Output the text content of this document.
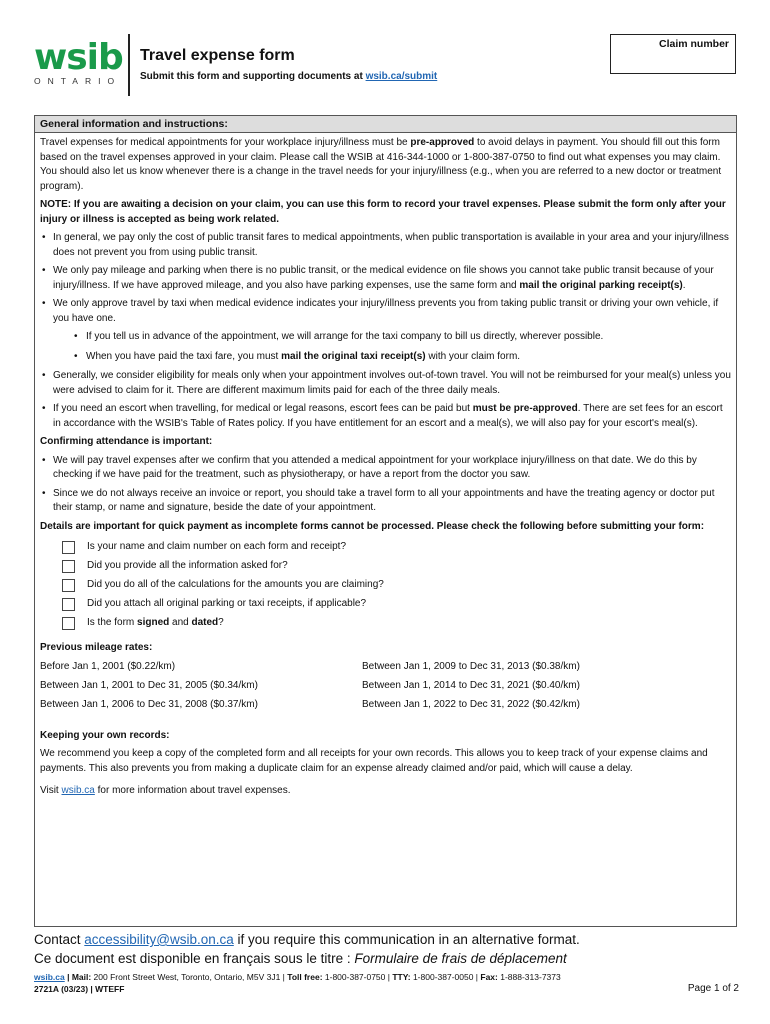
wsib
ONTARIO
Travel expense form
Submit this form and supporting documents at wsib.ca/submit
Claim number
General information and instructions:

Travel expenses for medical appointments for your workplace injury/illness must be pre-approved to avoid delays in payment. You should fill out this form based on the travel expenses approved in your claim. Please call the WSIB at 416-344-1000 or 1-800-387-0750 to find out what expenses you may claim. You should also let us know whenever there is a change in the travel needs for your injury/illness (e.g., when you are referred to a new doctor or treatment program).

NOTE: If you are awaiting a decision on your claim, you can use this form to record your travel expenses. Please submit the form only after your injury or illness is accepted as being work related.

• In general, we pay only the cost of public transit fares to medical appointments, when public transportation is available in your area and your injury/illness does not prevent you from using public transit.
• We only pay mileage and parking when there is no public transit, or the medical evidence on file shows you cannot take public transit because of your injury/illness. If we have approved mileage, and you also have parking expenses, use the same form and mail the original parking receipt(s).
• We only approve travel by taxi when medical evidence indicates your injury/illness prevents you from taking public transit or driving your own vehicle, if you have one.
• If you tell us in advance of the appointment, we will arrange for the taxi company to bill us directly, wherever possible.
• When you have paid the taxi fare, you must mail the original taxi receipt(s) with your claim form.
• Generally, we consider eligibility for meals only when your appointment involves out-of-town travel. You will not be reimbursed for your meal(s) unless you were advised to claim for it. There are different maximum limits paid for each of the three daily meals.
• If you need an escort when travelling, for medical or legal reasons, escort fees can be paid but must be pre-approved. There are set fees for an escort in accordance with the WSIB's Table of Rates policy. If you have entitlement for an escort and a meal(s), we will also pay for your escort's meal(s).

Confirming attendance is important:

• We will pay travel expenses after we confirm that you attended a medical appointment for your workplace injury/illness on that date. We do this by checking if we have paid for the treatment, such as physiotherapy, or have a report from the doctor you saw.
• Since we do not always receive an invoice or report, you should take a travel form to all your appointments and have the treating agency or doctor put their stamp, or name and signature, beside the date of your appointment.

Details are important for quick payment as incomplete forms cannot be processed. Please check the following before submitting your form:

Is your name and claim number on each form and receipt?
Did you provide all the information asked for?
Did you do all of the calculations for the amounts you are claiming?
Did you attach all original parking or taxi receipts, if applicable?
Is the form signed and dated?

Previous mileage rates:

Before Jan 1, 2001 ($0.22/km)
Between Jan 1, 2001 to Dec 31, 2005 ($0.34/km)
Between Jan 1, 2006 to Dec 31, 2008 ($0.37/km)
Between Jan 1, 2009 to Dec 31, 2013 ($0.38/km)
Between Jan 1, 2014 to Dec 31, 2021 ($0.40/km)
Between Jan 1, 2022 to Dec 31, 2022 ($0.42/km)

Keeping your own records:

We recommend you keep a copy of the completed form and all receipts for your own records. This allows you to keep track of your expense claims and payments. This also prevents you from making a duplicate claim for an expense already claimed and/or paid, which will cause a delay.

Visit wsib.ca for more information about travel expenses.

Contact accessibility@wsib.on.ca if you require this communication in an alternative format.
Ce document est disponible en français sous le titre : Formulaire de frais de déplacement
wsib.ca | Mail: 200 Front Street West, Toronto, Ontario, M5V 3J1 | Toll free: 1-800-387-0750 | TTY: 1-800-387-0050 | Fax: 1-888-313-7373
2721A (03/23) | WTEFF	Page 1 of 2
